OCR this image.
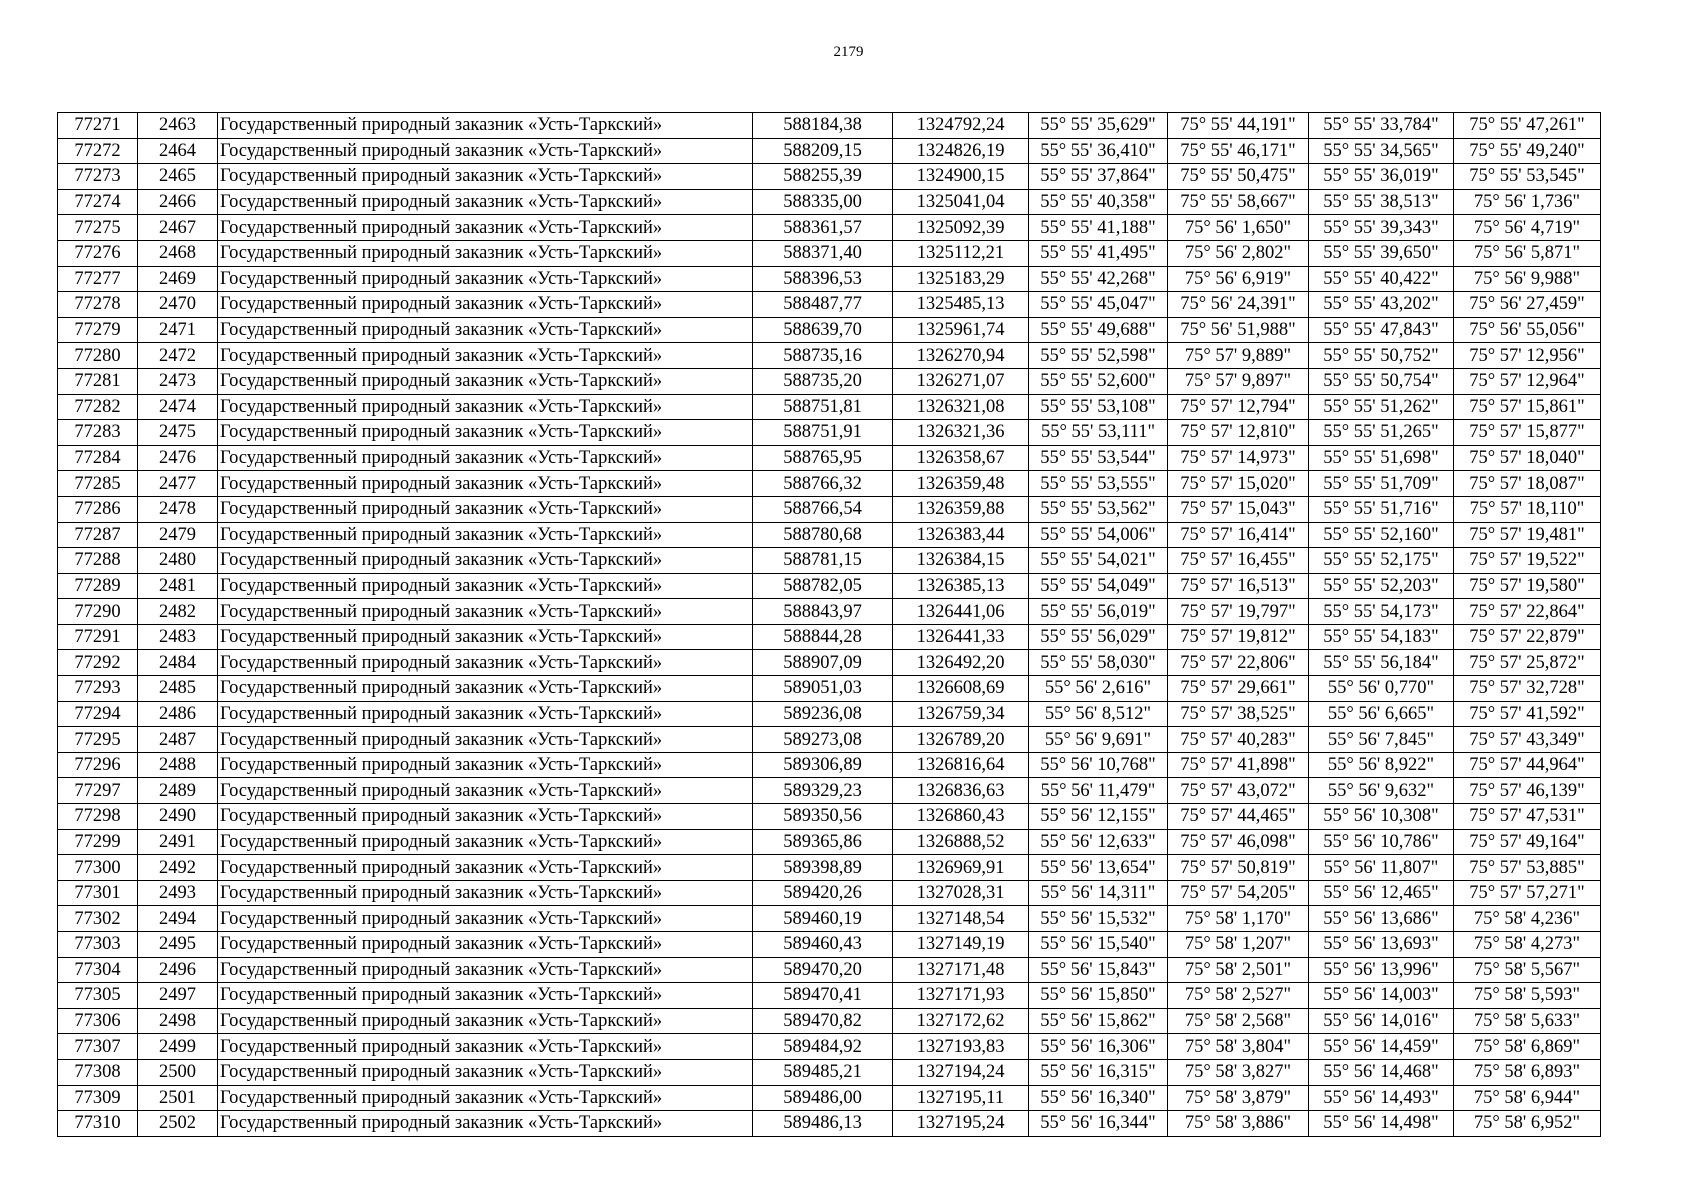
2179
77271	2463	Государственный природный заказник «Усть-Таркский»	588184,38	1324792,24	55° 55' 35,629"	75° 55' 44,191"	55° 55' 33,784"	75° 55' 47,261"
77272	2464	Государственный природный заказник «Усть-Таркский»	588209,15	1324826,19	55° 55' 36,410"	75° 55' 46,171"	55° 55' 34,565"	75° 55' 49,240"
77273	2465	Государственный природный заказник «Усть-Таркский»	588255,39	1324900,15	55° 55' 37,864"	75° 55' 50,475"	55° 55' 36,019"	75° 55' 53,545"
77274	2466	Государственный природный заказник «Усть-Таркский»	588335,00	1325041,04	55° 55' 40,358"	75° 55' 58,667"	55° 55' 38,513"	75° 56' 1,736"
77275	2467	Государственный природный заказник «Усть-Таркский»	588361,57	1325092,39	55° 55' 41,188"	75° 56' 1,650"	55° 55' 39,343"	75° 56' 4,719"
77276	2468	Государственный природный заказник «Усть-Таркский»	588371,40	1325112,21	55° 55' 41,495"	75° 56' 2,802"	55° 55' 39,650"	75° 56' 5,871"
77277	2469	Государственный природный заказник «Усть-Таркский»	588396,53	1325183,29	55° 55' 42,268"	75° 56' 6,919"	55° 55' 40,422"	75° 56' 9,988"
77278	2470	Государственный природный заказник «Усть-Таркский»	588487,77	1325485,13	55° 55' 45,047"	75° 56' 24,391"	55° 55' 43,202"	75° 56' 27,459"
77279	2471	Государственный природный заказник «Усть-Таркский»	588639,70	1325961,74	55° 55' 49,688"	75° 56' 51,988"	55° 55' 47,843"	75° 56' 55,056"
77280	2472	Государственный природный заказник «Усть-Таркский»	588735,16	1326270,94	55° 55' 52,598"	75° 57' 9,889"	55° 55' 50,752"	75° 57' 12,956"
77281	2473	Государственный природный заказник «Усть-Таркский»	588735,20	1326271,07	55° 55' 52,600"	75° 57' 9,897"	55° 55' 50,754"	75° 57' 12,964"
77282	2474	Государственный природный заказник «Усть-Таркский»	588751,81	1326321,08	55° 55' 53,108"	75° 57' 12,794"	55° 55' 51,262"	75° 57' 15,861"
77283	2475	Государственный природный заказник «Усть-Таркский»	588751,91	1326321,36	55° 55' 53,111"	75° 57' 12,810"	55° 55' 51,265"	75° 57' 15,877"
77284	2476	Государственный природный заказник «Усть-Таркский»	588765,95	1326358,67	55° 55' 53,544"	75° 57' 14,973"	55° 55' 51,698"	75° 57' 18,040"
77285	2477	Государственный природный заказник «Усть-Таркский»	588766,32	1326359,48	55° 55' 53,555"	75° 57' 15,020"	55° 55' 51,709"	75° 57' 18,087"
77286	2478	Государственный природный заказник «Усть-Таркский»	588766,54	1326359,88	55° 55' 53,562"	75° 57' 15,043"	55° 55' 51,716"	75° 57' 18,110"
77287	2479	Государственный природный заказник «Усть-Таркский»	588780,68	1326383,44	55° 55' 54,006"	75° 57' 16,414"	55° 55' 52,160"	75° 57' 19,481"
77288	2480	Государственный природный заказник «Усть-Таркский»	588781,15	1326384,15	55° 55' 54,021"	75° 57' 16,455"	55° 55' 52,175"	75° 57' 19,522"
77289	2481	Государственный природный заказник «Усть-Таркский»	588782,05	1326385,13	55° 55' 54,049"	75° 57' 16,513"	55° 55' 52,203"	75° 57' 19,580"
77290	2482	Государственный природный заказник «Усть-Таркский»	588843,97	1326441,06	55° 55' 56,019"	75° 57' 19,797"	55° 55' 54,173"	75° 57' 22,864"
77291	2483	Государственный природный заказник «Усть-Таркский»	588844,28	1326441,33	55° 55' 56,029"	75° 57' 19,812"	55° 55' 54,183"	75° 57' 22,879"
77292	2484	Государственный природный заказник «Усть-Таркский»	588907,09	1326492,20	55° 55' 58,030"	75° 57' 22,806"	55° 55' 56,184"	75° 57' 25,872"
77293	2485	Государственный природный заказник «Усть-Таркский»	589051,03	1326608,69	55° 56' 2,616"	75° 57' 29,661"	55° 56' 0,770"	75° 57' 32,728"
77294	2486	Государственный природный заказник «Усть-Таркский»	589236,08	1326759,34	55° 56' 8,512"	75° 57' 38,525"	55° 56' 6,665"	75° 57' 41,592"
77295	2487	Государственный природный заказник «Усть-Таркский»	589273,08	1326789,20	55° 56' 9,691"	75° 57' 40,283"	55° 56' 7,845"	75° 57' 43,349"
77296	2488	Государственный природный заказник «Усть-Таркский»	589306,89	1326816,64	55° 56' 10,768"	75° 57' 41,898"	55° 56' 8,922"	75° 57' 44,964"
77297	2489	Государственный природный заказник «Усть-Таркский»	589329,23	1326836,63	55° 56' 11,479"	75° 57' 43,072"	55° 56' 9,632"	75° 57' 46,139"
77298	2490	Государственный природный заказник «Усть-Таркский»	589350,56	1326860,43	55° 56' 12,155"	75° 57' 44,465"	55° 56' 10,308"	75° 57' 47,531"
77299	2491	Государственный природный заказник «Усть-Таркский»	589365,86	1326888,52	55° 56' 12,633"	75° 57' 46,098"	55° 56' 10,786"	75° 57' 49,164"
77300	2492	Государственный природный заказник «Усть-Таркский»	589398,89	1326969,91	55° 56' 13,654"	75° 57' 50,819"	55° 56' 11,807"	75° 57' 53,885"
77301	2493	Государственный природный заказник «Усть-Таркский»	589420,26	1327028,31	55° 56' 14,311"	75° 57' 54,205"	55° 56' 12,465"	75° 57' 57,271"
77302	2494	Государственный природный заказник «Усть-Таркский»	589460,19	1327148,54	55° 56' 15,532"	75° 58' 1,170"	55° 56' 13,686"	75° 58' 4,236"
77303	2495	Государственный природный заказник «Усть-Таркский»	589460,43	1327149,19	55° 56' 15,540"	75° 58' 1,207"	55° 56' 13,693"	75° 58' 4,273"
77304	2496	Государственный природный заказник «Усть-Таркский»	589470,20	1327171,48	55° 56' 15,843"	75° 58' 2,501"	55° 56' 13,996"	75° 58' 5,567"
77305	2497	Государственный природный заказник «Усть-Таркский»	589470,41	1327171,93	55° 56' 15,850"	75° 58' 2,527"	55° 56' 14,003"	75° 58' 5,593"
77306	2498	Государственный природный заказник «Усть-Таркский»	589470,82	1327172,62	55° 56' 15,862"	75° 58' 2,568"	55° 56' 14,016"	75° 58' 5,633"
77307	2499	Государственный природный заказник «Усть-Таркский»	589484,92	1327193,83	55° 56' 16,306"	75° 58' 3,804"	55° 56' 14,459"	75° 58' 6,869"
77308	2500	Государственный природный заказник «Усть-Таркский»	589485,21	1327194,24	55° 56' 16,315"	75° 58' 3,827"	55° 56' 14,468"	75° 58' 6,893"
77309	2501	Государственный природный заказник «Усть-Таркский»	589486,00	1327195,11	55° 56' 16,340"	75° 58' 3,879"	55° 56' 14,493"	75° 58' 6,944"
77310	2502	Государственный природный заказник «Усть-Таркский»	589486,13	1327195,24	55° 56' 16,344"	75° 58' 3,886"	55° 56' 14,498"	75° 58' 6,952"
